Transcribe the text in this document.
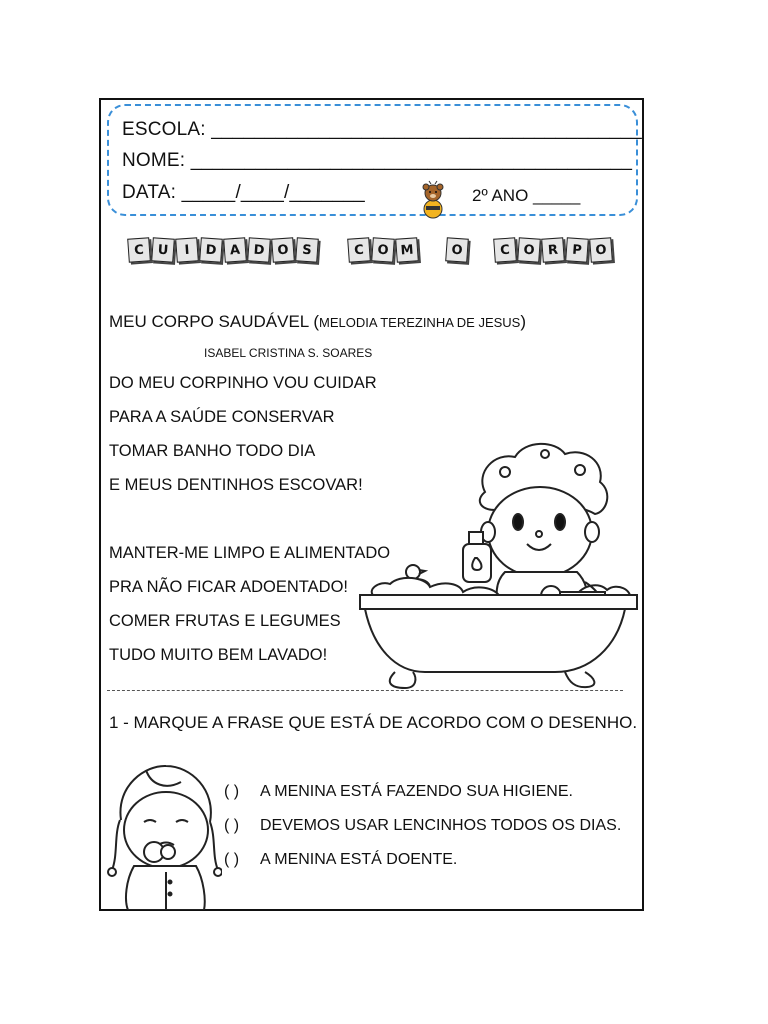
ESCOLA: ________________________________________
NOME: _________________________________________
DATA: _____/____/_______	2º ANO _____
C U	I	D A D O S	C O M	O	C O R	P O
MEU CORPO SAUDÁVEL (MELODIA TEREZINHA DE JESUS)
ISABEL CRISTINA S. SOARES
DO MEU CORPINHO VOU CUIDAR
PARA A SAÚDE CONSERVAR
TOMAR BANHO TODO DIA
E MEUS DENTINHOS ESCOVAR!
MANTER-ME LIMPO E ALIMENTADO
PRA NÃO FICAR ADOENTADO!
COMER FRUTAS E LEGUMES
TUDO MUITO BEM LAVADO!
1 - MARQUE A FRASE QUE ESTÁ DE ACORDO COM O DESENHO.
( ) A MENINA ESTÁ FAZENDO SUA HIGIENE.
( ) DEVEMOS USAR LENCINHOS TODOS OS DIAS.
( ) A MENINA ESTÁ DOENTE.
